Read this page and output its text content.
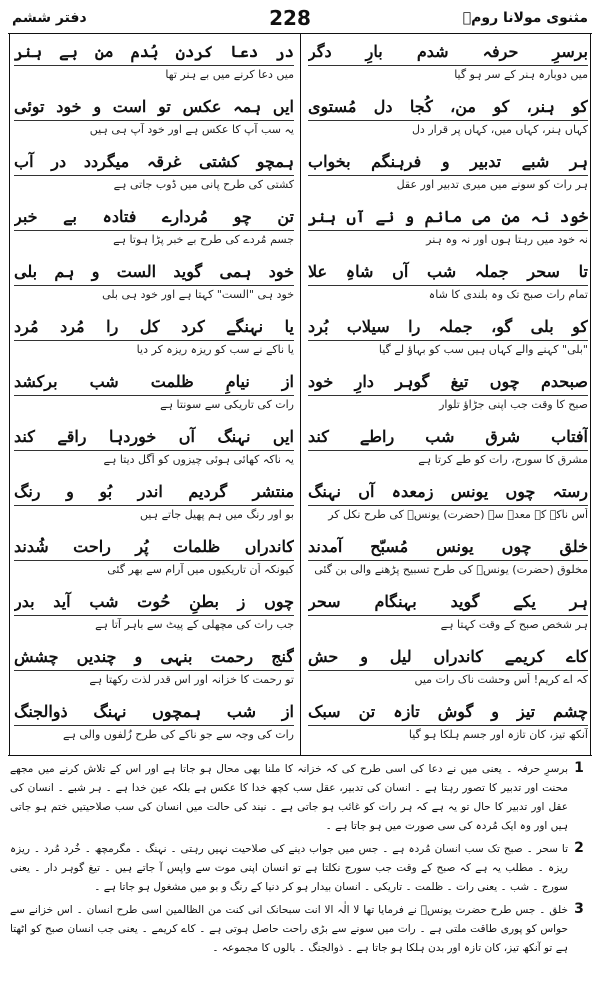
دفتر ششم	228	مثنوی مولانا رومؒ
برسرِ حرفہ شدم بارِ دگر
میں دوبارہ ہنر کے سر ہو گیا
کو ہنر، کو من، کُجا دل مُستوی
کہاں ہنر، کہاں میں، کہاں پر قرار دل
ہر شبے تدبیر و فرہنگم بخواب
ہر رات کو سونے میں میری تدبیر اور عقل
خود نہ من می مانم و نے آں ہنر
نہ خود میں رہتا ہوں اور نہ وہ ہنر
تا سحر جملہ شب آں شاہِ علا
تمام رات صبح تک وہ بلندی کا شاہ
کو بلی گو، جملہ را سیلاب بُرد
"بلی" کہنے والے کہاں ہیں سب کو بہاؤ لے گیا
صبحدم چوں تیغ گوہر دارِ خود
صبح کا وقت جب اپنی جڑاؤ تلوار
آفتاب شرق شب راطے کند
مشرق کا سورج، رات کو طے کرتا ہے
رستہ چوں یونس زمعدہ آں نہنگ
اُس ناکے کے معدے سے (حضرت) یونسؑ کی طرح نکل کر
خلق چوں یونس مُسبّح آمدند
مخلوق (حضرت) یونسؑ کی طرح تسبیح پڑھنے والی بن گئی
ہر یکے گوید بہنگام سحر
ہر شخص صبح کے وقت کہتا ہے
کاے کریمے کاندراں لیل و حش
کہ اے کریم! اُس وحشت ناک رات میں
چشم تیز و گوش تازہ تن سبک
آنکھ تیز، کان تازہ اور جسم ہلکا ہو گیا
در دعا کردن بُدم من بے ہنر
میں دعا کرنے میں بے ہنر تھا
ایں ہمہ عکس تو است و خود توئی
یہ سب آپ کا عکس ہے اور خود آپ ہی ہیں
ہمچو کشتی غرقہ میگردد در آب
کشتی کی طرح پانی میں ڈوب جاتی ہے
تن چو مُردارے فتادہ بے خبر
جسم مُردے کی طرح بے خبر پڑا ہوتا ہے
خود ہمی گوید الست و ہم بلی
خود ہی "الست" کہتا ہے اور خود ہی بلی
یا نہنگے کرد کل را مُرد مُرد
یا ناکے نے سب کو ریزہ ریزہ کر دیا
از نیامِ ظلمت شب برکشد
رات کی تاریکی سے سونتا ہے
ایں نہنگ آں خوردہا راقے کند
یہ ناکہ کھائی ہوئی چیزوں کو اُگل دیتا ہے
منتشر گردیم اندر بُو و رنگ
بو اور رنگ میں ہم پھیل جاتے ہیں
کاندراں ظلمات پُر راحت شُدند
کیونکہ اُن تاریکیوں میں آرام سے بھر گئی
چوں ز بطنِ حُوت شب آید بدر
جب رات کی مچھلی کے پیٹ سے باہر آتا ہے
گنج رحمت بنہی و چندیں چشش
تو رحمت کا خزانہ اور اس قدر لذت رکھتا ہے
از شب ہمچوں نہنگ ذوالجنگ
رات کی وجہ سے جو ناکے کی طرح زُلفوں والی ہے
1
برسرِ حرفہ ۔ یعنی میں نے دعا کی اسی طرح کی کہ خزانہ کا ملنا بھی محال ہو جاتا ہے اور اس کے تلاش کرنے میں مجھے محنت اور تدبیر کا تصور رہتا ہے ۔ انسان کی تدبیر، عقل سب کچھ خدا کا عکس ہے بلکہ عین خدا ہے ۔ ہر شبے ۔ انسان کی عقل اور تدبیر کا حال تو یہ ہے کہ ہر رات کو غائب ہو جاتی ہے ۔ نیند کی حالت میں انسان کی سب صلاحیتیں ختم ہو جاتی ہیں اور وہ ایک مُردہ کی سی صورت میں ہو جاتا ہے ۔
2
تا سحر ۔ صبح تک سب انسان مُردہ ہے ۔ جس میں جواب دینے کی صلاحیت نہیں رہتی ۔ نہنگ ۔ مگرمچھ ۔ خُرد مُرد ۔ ریزہ ریزہ ۔ مطلب یہ ہے کہ صبح کے وقت جب سورج نکلتا ہے تو انسان اپنی موت سے واپس آ جاتے ہیں ۔ تیغ گوہر دار ۔ یعنی سورج ۔ شب ۔ یعنی رات ۔ ظلمت ۔ تاریکی ۔ انسان بیدار ہو کر دنیا کے رنگ و بو میں مشغول ہو جاتا ہے ۔
3
خلق ۔ جس طرح حضرت یونسؑ نے فرمایا تھا لا الٰہ الا انت سبحانک انی کنت من الظالمین اسی طرح انسان ۔ اس خزانے سے حواس کو پوری طاقت ملتی ہے ۔ رات میں سونے سے بڑی راحت حاصل ہوتی ہے ۔ کاے کریمے ۔ یعنی جب انسان صبح کو اٹھتا ہے تو آنکھ تیز، کان تازہ اور بدن ہلکا ہو جاتا ہے ۔ ذوالجنگ ۔ بالوں کا مجموعہ ۔
